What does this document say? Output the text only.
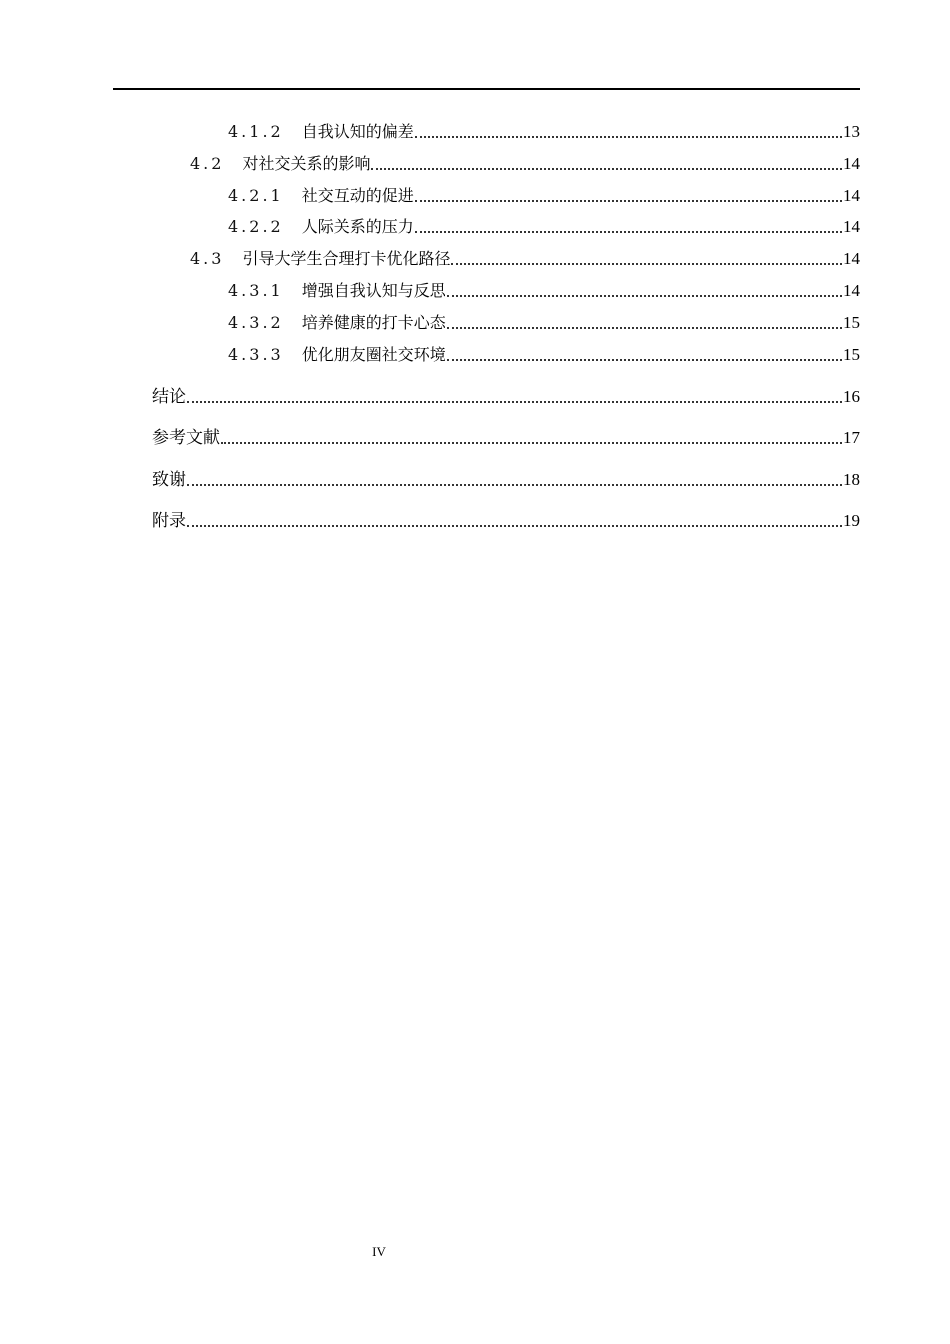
4.1.2 自我认知的偏差	13
4.2 对社交关系的影响	14
4.2.1 社交互动的促进	14
4.2.2 人际关系的压力	14
4.3 引导大学生合理打卡优化路径	14
4.3.1 增强自我认知与反思	14
4.3.2 培养健康的打卡心态	15
4.3.3 优化朋友圈社交环境	15
结论	16
参考文献	17
致谢	18
附录	19
IV
